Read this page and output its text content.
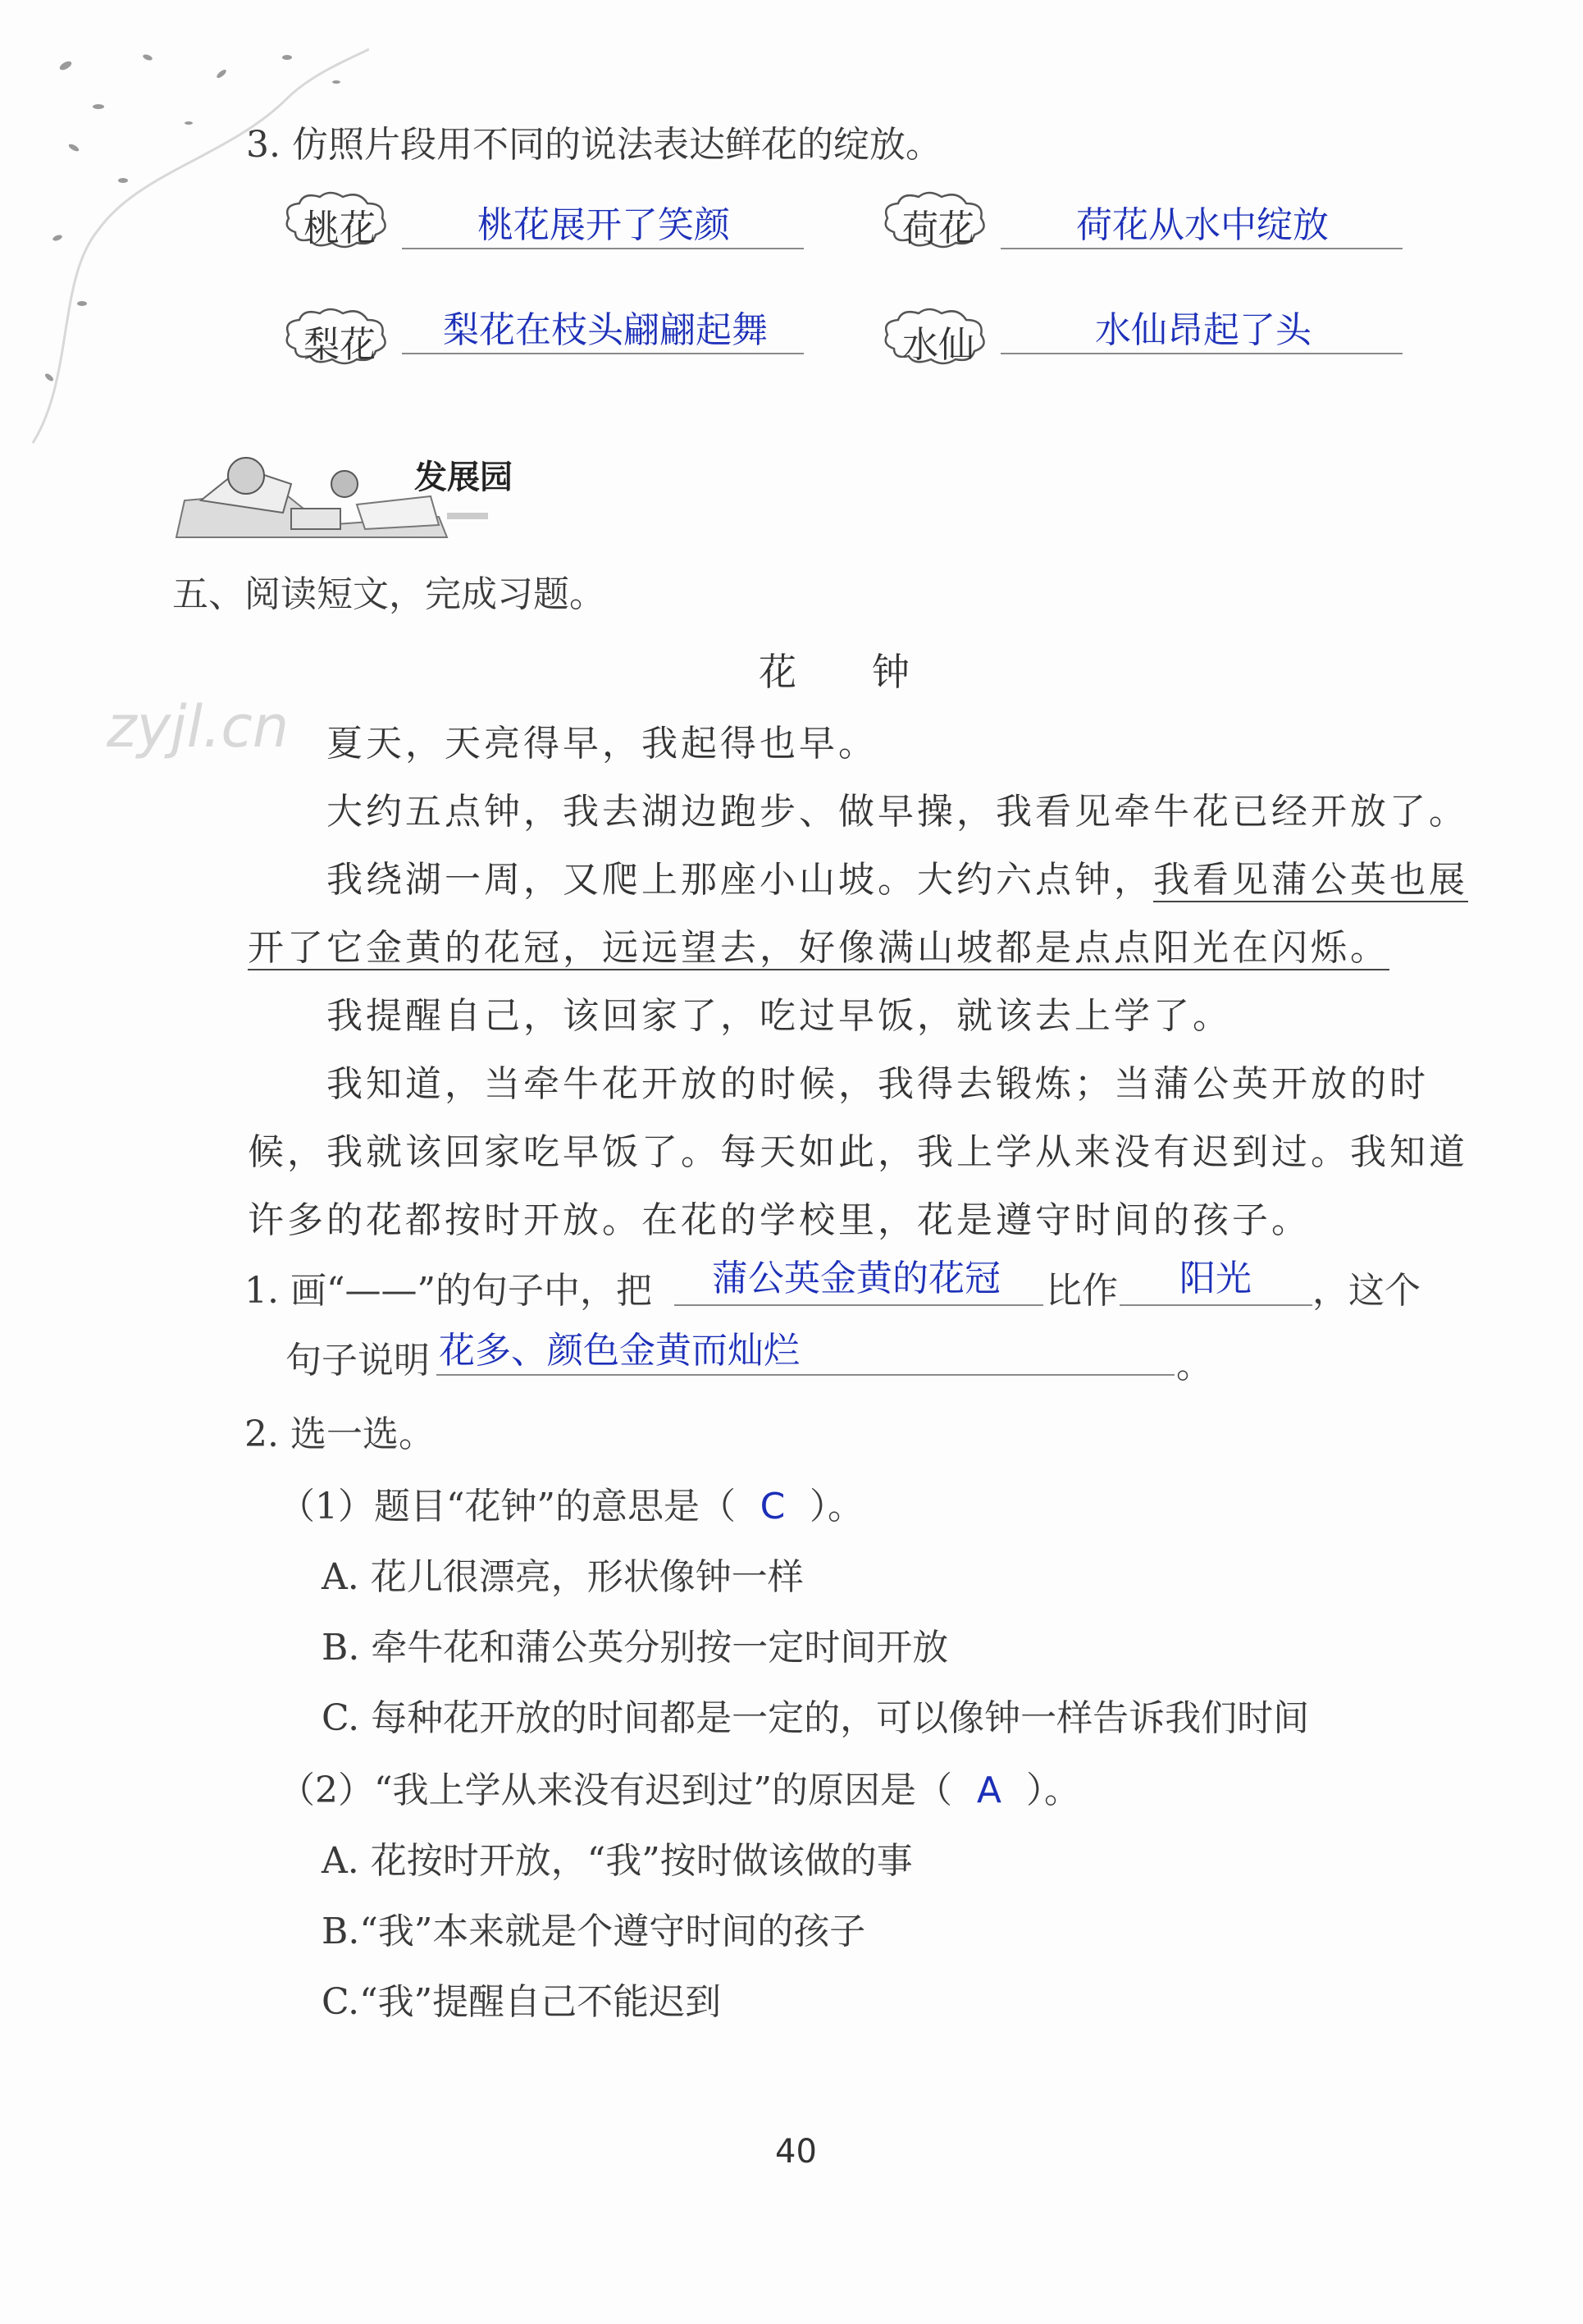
3. 仿照片段用不同的说法表达鲜花的绽放。
桃花	桃花展开了笑颜	荷花	荷花从水中绽放
梨花 梨花在枝头翩翩起舞	水仙	水仙昂起了头
发展园
五、阅读短文，完成习题。
花　　钟
zyjl.cn 夏天，天亮得早，我起得也早。
大约五点钟，我去湖边跑步、做早操，我看见牵牛花已经开放了。
我绕湖一周，又爬上那座小山坡。大约六点钟，我看见蒲公英也展
开了它金黄的花冠，远远望去，好像满山坡都是点点阳光在闪烁。
我提醒自己，该回家了，吃过早饭，就该去上学了。
我知道，当牵牛花开放的时候，我得去锻炼；当蒲公英开放的时
候，我就该回家吃早饭了。每天如此，我上学从来没有迟到过。我知道
许多的花都按时开放。在花的学校里，花是遵守时间的孩子。
1. 画“——”的句子中，把 蒲公英金黄的花冠 比作 阳光 ，这个
句子说明 花多、颜色金黄而灿烂	。
2. 选一选。
（1）题目“花钟”的意思是（ C ）。
A. 花儿很漂亮，形状像钟一样
B. 牵牛花和蒲公英分别按一定时间开放
C. 每种花开放的时间都是一定的，可以像钟一样告诉我们时间
（2）“我上学从来没有迟到过”的原因是（ A ）。
A. 花按时开放，“我”按时做该做的事
B.“我”本来就是个遵守时间的孩子
C.“我”提醒自己不能迟到
40
